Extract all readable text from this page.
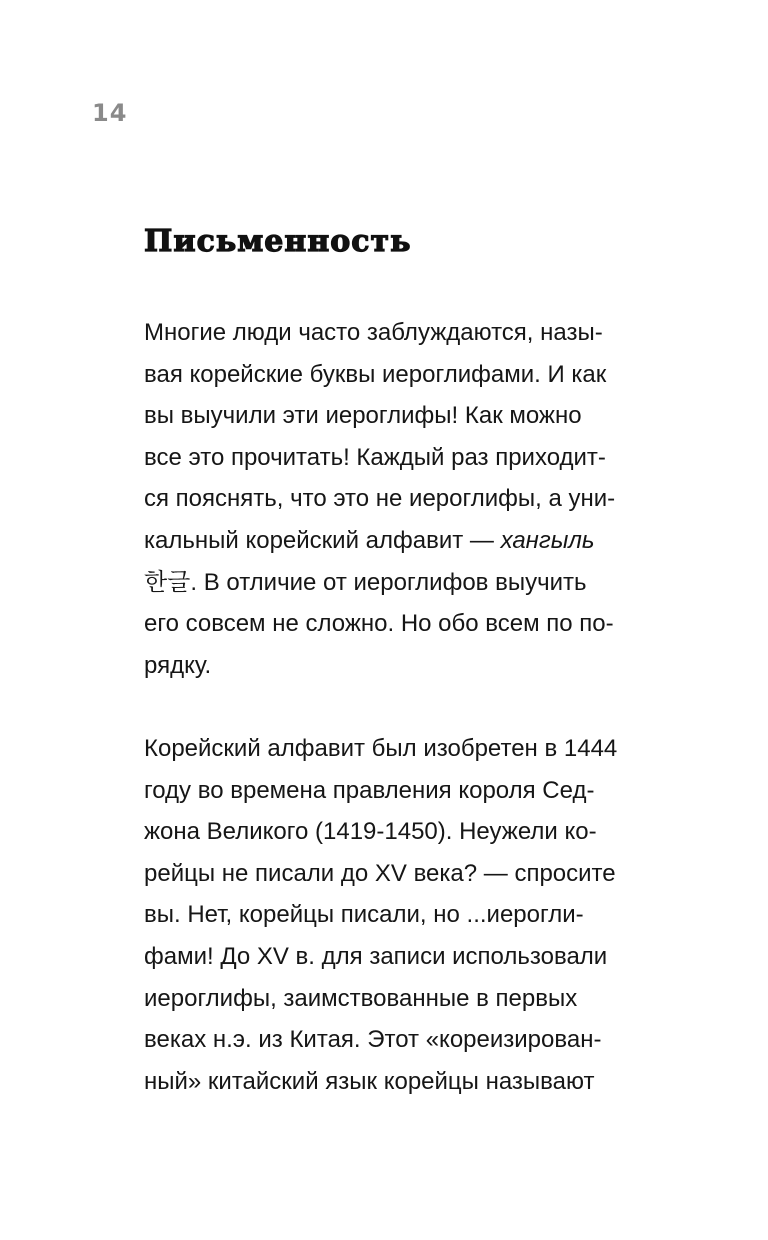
14
Письменность
Многие люди часто заблуждаются, назы-
вая корейские буквы иероглифами. И как
вы выучили эти иероглифы! Как можно
все это прочитать! Каждый раз приходит-
ся пояснять, что это не иероглифы, а уни-
кальный корейский алфавит — хангыль
한글. В отличие от иероглифов выучить
его совсем не сложно. Но обо всем по по-
рядку.
Корейский алфавит был изобретен в 1444
году во времена правления короля Сед-
жона Великого (1419-1450). Неужели ко-
рейцы не писали до XV века? — спросите
вы. Нет, корейцы писали, но ...иерогли-
фами! До XV в. для записи использовали
иероглифы, заимствованные в первых
веках н.э. из Китая. Этот «кореизирован-
ный» китайский язык корейцы называют
